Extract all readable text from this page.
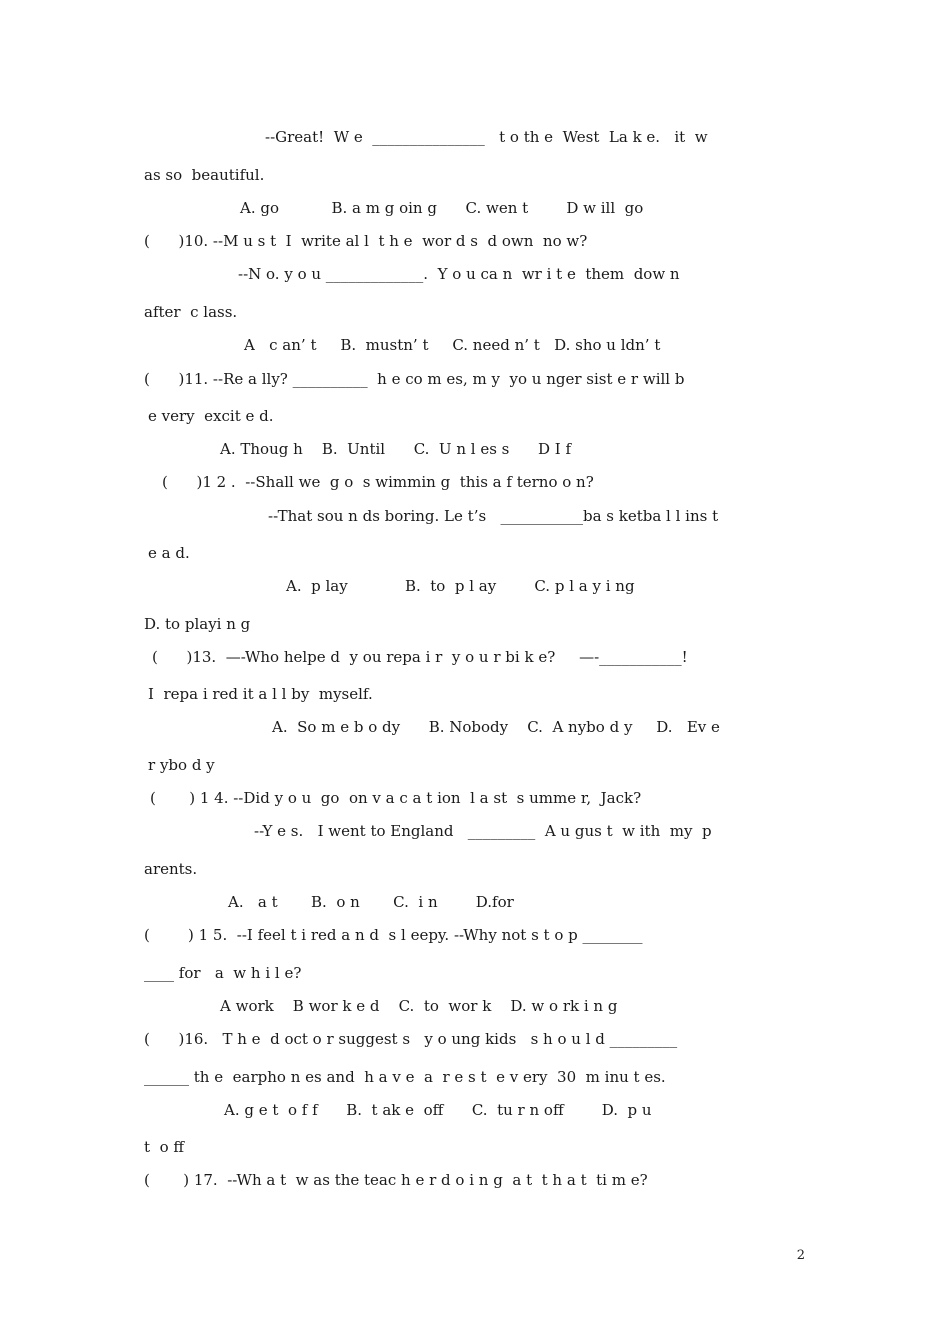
--Great!  W e  _______________   t o th e  West  La k e.   it  w
as so  beautiful.
A. go           B. a m g oin g      C. wen t        D w ill  go
(      )10. --M u s t  I  write al l  t h e  wor d s  d own  no w?
--N o. y o u _____________.  Y o u ca n  wr i t e  them  dow n
after  c lass.
A   c an’ t     B.  mustn’ t     C. need n’ t   D. sho u ldn’ t
(      )11. --Re a lly? __________  h e co m es, m y  yo u nger sist e r will b
e very  excit e d.
A. Thoug h    B.  Until      C.  U n l es s      D I f
(      )1 2 .  --Shall we  g o  s wimmin g  this a f terno o n?
--That sou n ds boring. Le t’s   ___________ba s ketba l l ins t
e a d.
A.  p lay            B.  to  p l ay        C. p l a y i ng
D. to playi n g
(      )13.  —-Who helpe d  y ou repa i r  y o u r bi k e?     —-___________!
I  repa i red it a l l by  myself.
A.  So m e b o dy      B. Nobody    C.  A nybo d y     D.   Ev e
r ybo d y
(       ) 1 4. --Did y o u  go  on v a c a t ion  l a st  s umme r,  Jack?
--Y e s.   I went to England   _________  A u gus t  w ith  my  p
arents.
A.   a t       B.  o n       C.  i n        D.for
(        ) 1 5.  --I feel t i red a n d  s l eepy. --Why not s t o p ________
____ for   a  w h i l e?
A work    B wor k e d    C.  to  wor k    D. w o rk i n g
(      )16.   T h e  d oct o r suggest s   y o ung kids   s h o u l d _________
______ th e  earpho n es and  h a v e  a  r e s t  e v ery  30  m inu t es.
A. g e t  o f f      B.  t ak e  off      C.  tu r n off        D.  p u
t  o ff
(       ) 17.  --Wh a t  w as the teac h e r d o i n g  a t  t h a t  ti m e?
2
